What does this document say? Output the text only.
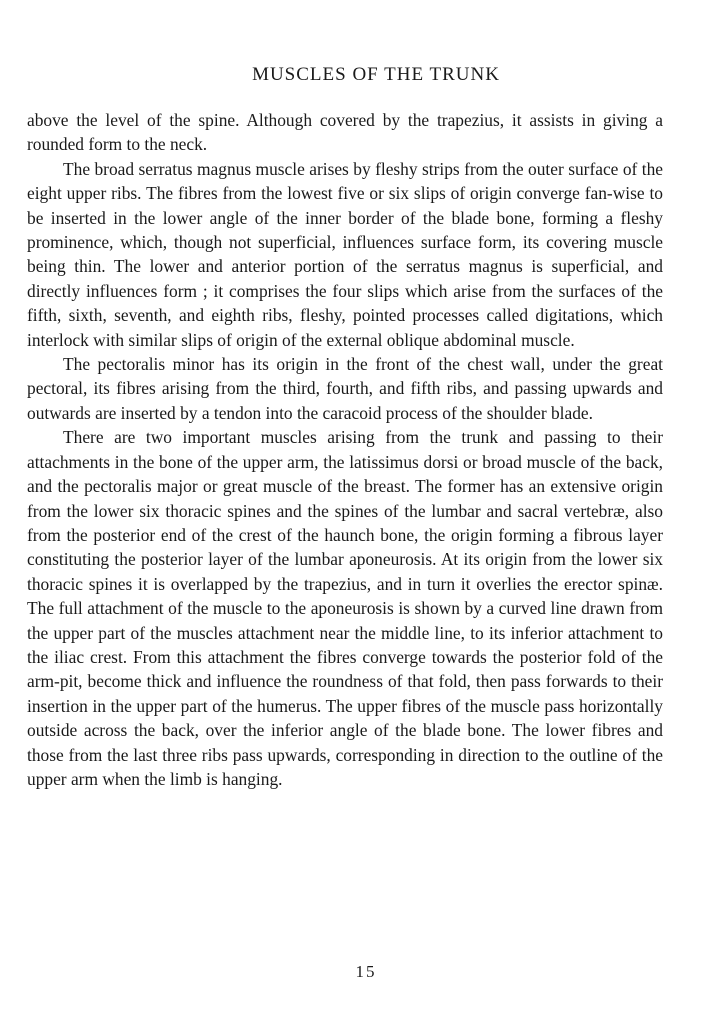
MUSCLES OF THE TRUNK

above the level of the spine. Although covered by the trapezius, it assists in giving a rounded form to the neck.

The broad serratus magnus muscle arises by fleshy strips from the outer surface of the eight upper ribs. The fibres from the lowest five or six slips of origin converge fan-wise to be inserted in the lower angle of the inner border of the blade bone, forming a fleshy prominence, which, though not superficial, influences surface form, its covering muscle being thin. The lower and anterior portion of the serratus magnus is superficial, and directly influences form ; it comprises the four slips which arise from the surfaces of the fifth, sixth, seventh, and eighth ribs, fleshy, pointed processes called digitations, which interlock with similar slips of origin of the external oblique abdominal muscle.

The pectoralis minor has its origin in the front of the chest wall, under the great pectoral, its fibres arising from the third, fourth, and fifth ribs, and passing upwards and outwards are inserted by a tendon into the caracoid process of the shoulder blade.

There are two important muscles arising from the trunk and passing to their attachments in the bone of the upper arm, the latissimus dorsi or broad muscle of the back, and the pectoralis major or great muscle of the breast. The former has an extensive origin from the lower six thoracic spines and the spines of the lumbar and sacral vertebræ, also from the posterior end of the crest of the haunch bone, the origin forming a fibrous layer constituting the posterior layer of the lumbar aponeurosis. At its origin from the lower six thoracic spines it is overlapped by the trapezius, and in turn it overlies the erector spinæ. The full attachment of the muscle to the aponeurosis is shown by a curved line drawn from the upper part of the muscles attachment near the middle line, to its inferior attachment to the iliac crest. From this attachment the fibres converge towards the posterior fold of the arm-pit, become thick and influence the roundness of that fold, then pass forwards to their insertion in the upper part of the humerus. The upper fibres of the muscle pass horizontally outside across the back, over the inferior angle of the blade bone. The lower fibres and those from the last three ribs pass upwards, corresponding in direction to the outline of the upper arm when the limb is hanging.

15
